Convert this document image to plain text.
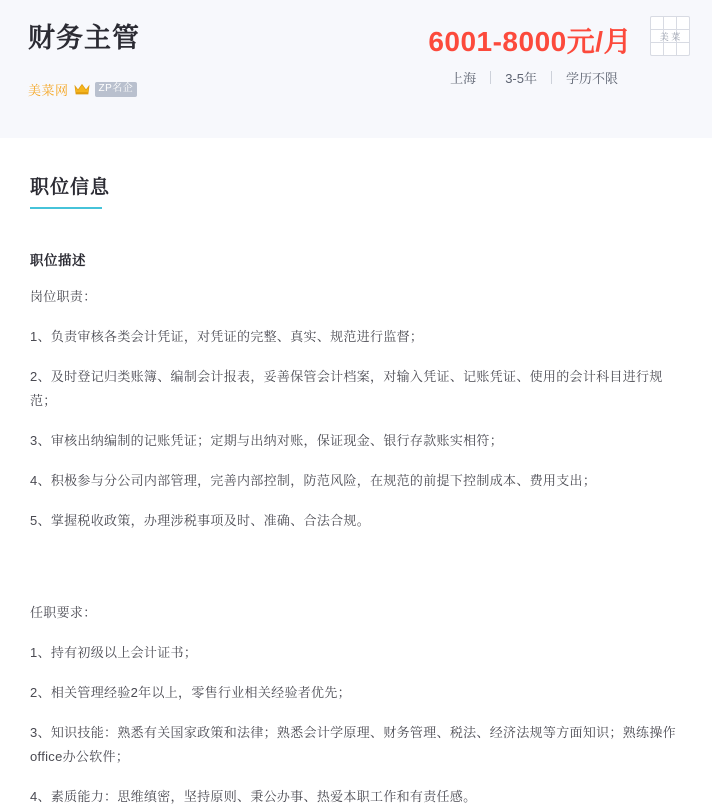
财务主管
美菜网	ZP名企
6001-8000元/月	美 菜
上海	3-5年	学历不限
职位信息
职位描述
岗位职责：
1、负责审核各类会计凭证，对凭证的完整、真实、规范进行监督；
2、及时登记归类账簿、编制会计报表，妥善保管会计档案，对输入凭证、记账凭证、使用的会计科目进行规范；
3、审核出纳编制的记账凭证；定期与出纳对账，保证现金、银行存款账实相符；
4、积极参与分公司内部管理，完善内部控制，防范风险，在规范的前提下控制成本、费用支出；
5、掌握税收政策，办理涉税事项及时、准确、合法合规。
任职要求：
1、持有初级以上会计证书；
2、相关管理经验2年以上，零售行业相关经验者优先；
3、知识技能：熟悉有关国家政策和法律；熟悉会计学原理、财务管理、税法、经济法规等方面知识；熟练操作office办公软件；
4、素质能力：思维缜密，坚持原则、秉公办事、热爱本职工作和有责任感。
